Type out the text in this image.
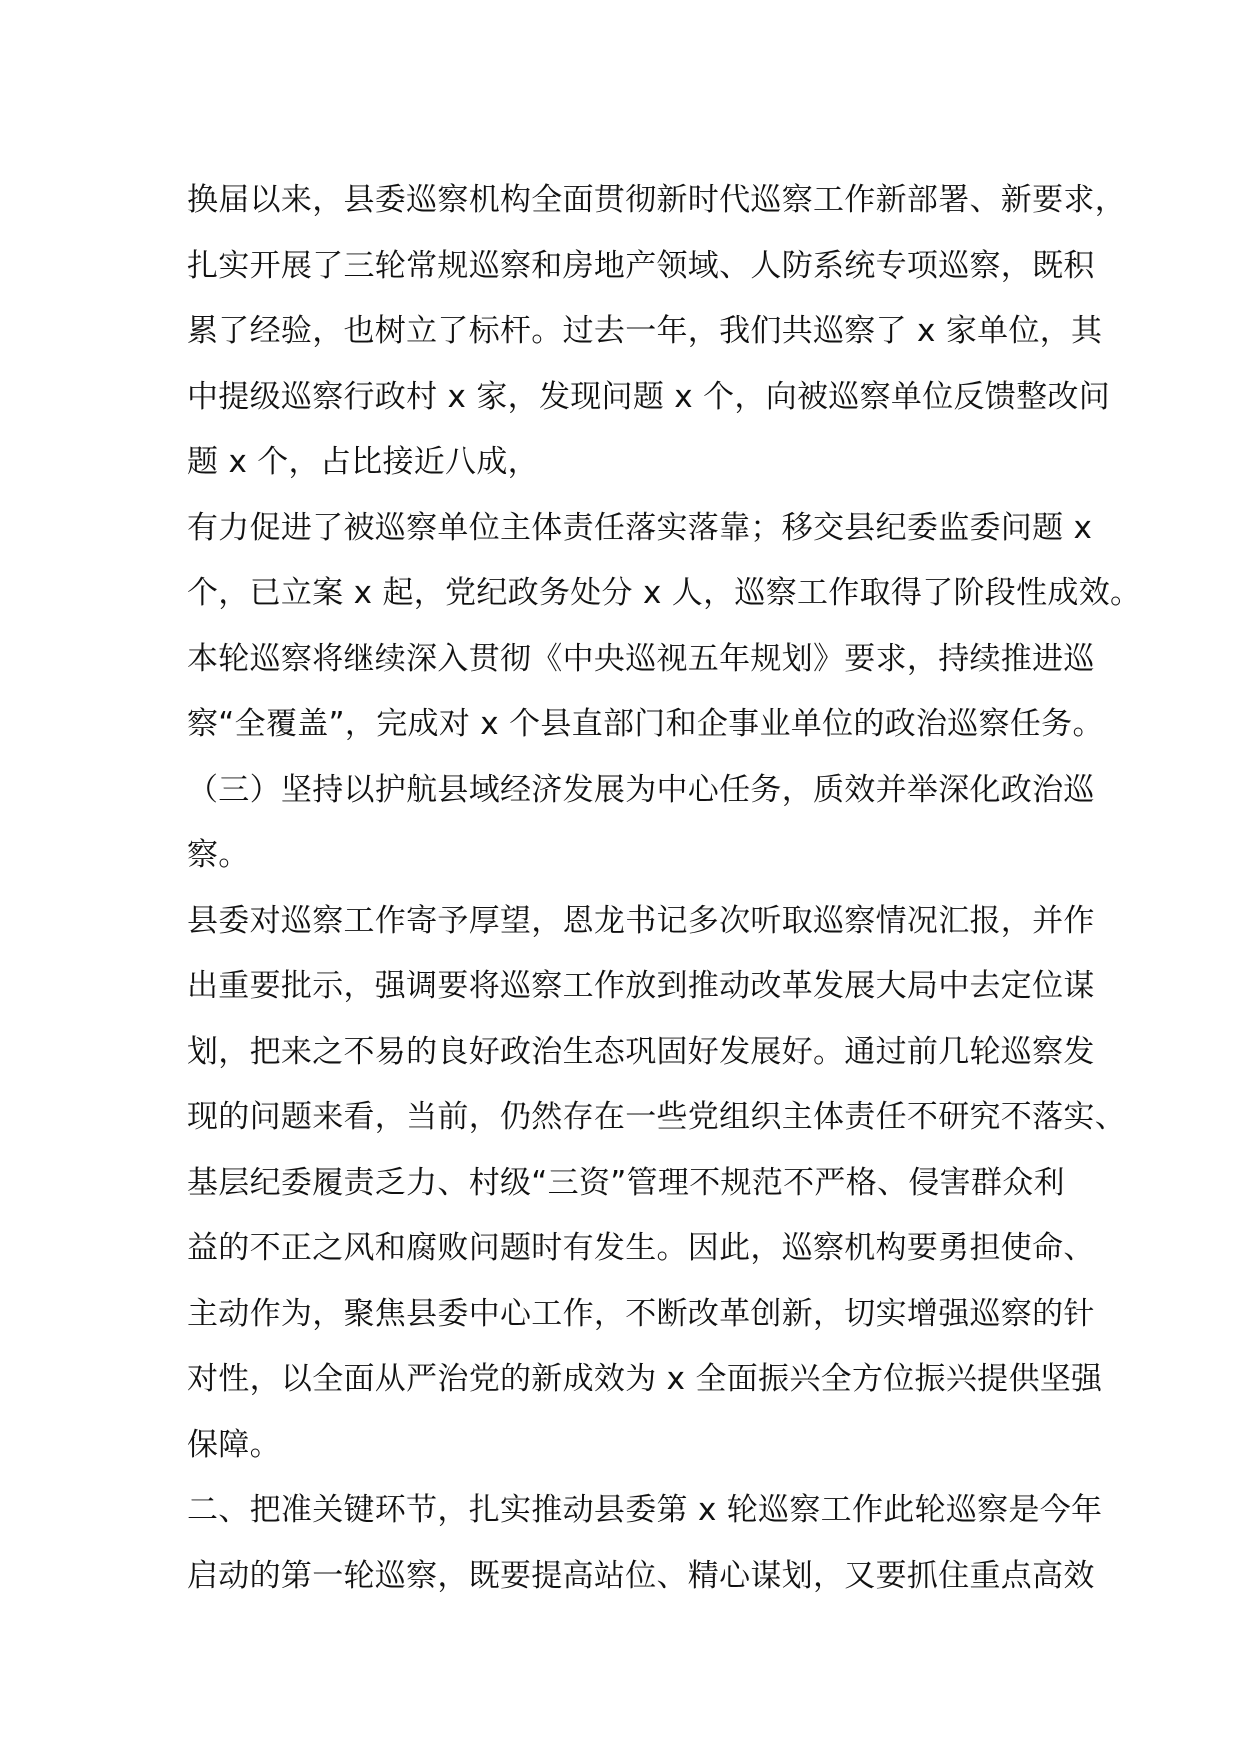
换届以来，县委巡察机构全面贯彻新时代巡察工作新部署、新要求，
扎实开展了三轮常规巡察和房地产领域、人防系统专项巡察，既积
累了经验，也树立了标杆。过去一年，我们共巡察了 x 家单位，其
中提级巡察行政村 x 家，发现问题 x 个，向被巡察单位反馈整改问
题 x 个，占比接近八成，
有力促进了被巡察单位主体责任落实落靠；移交县纪委监委问题 x
个，已立案 x 起，党纪政务处分 x 人，巡察工作取得了阶段性成效。
本轮巡察将继续深入贯彻《中央巡视五年规划》要求，持续推进巡
察“全覆盖”，完成对 x 个县直部门和企事业单位的政治巡察任务。
（三）坚持以护航县域经济发展为中心任务，质效并举深化政治巡
察。
县委对巡察工作寄予厚望，恩龙书记多次听取巡察情况汇报，并作
出重要批示，强调要将巡察工作放到推动改革发展大局中去定位谋
划，把来之不易的良好政治生态巩固好发展好。通过前几轮巡察发
现的问题来看，当前，仍然存在一些党组织主体责任不研究不落实、
基层纪委履责乏力、村级“三资”管理不规范不严格、侵害群众利
益的不正之风和腐败问题时有发生。因此，巡察机构要勇担使命、
主动作为，聚焦县委中心工作，不断改革创新，切实增强巡察的针
对性，以全面从严治党的新成效为 x 全面振兴全方位振兴提供坚强
保障。
二、把准关键环节，扎实推动县委第 x 轮巡察工作此轮巡察是今年
启动的第一轮巡察，既要提高站位、精心谋划，又要抓住重点高效
